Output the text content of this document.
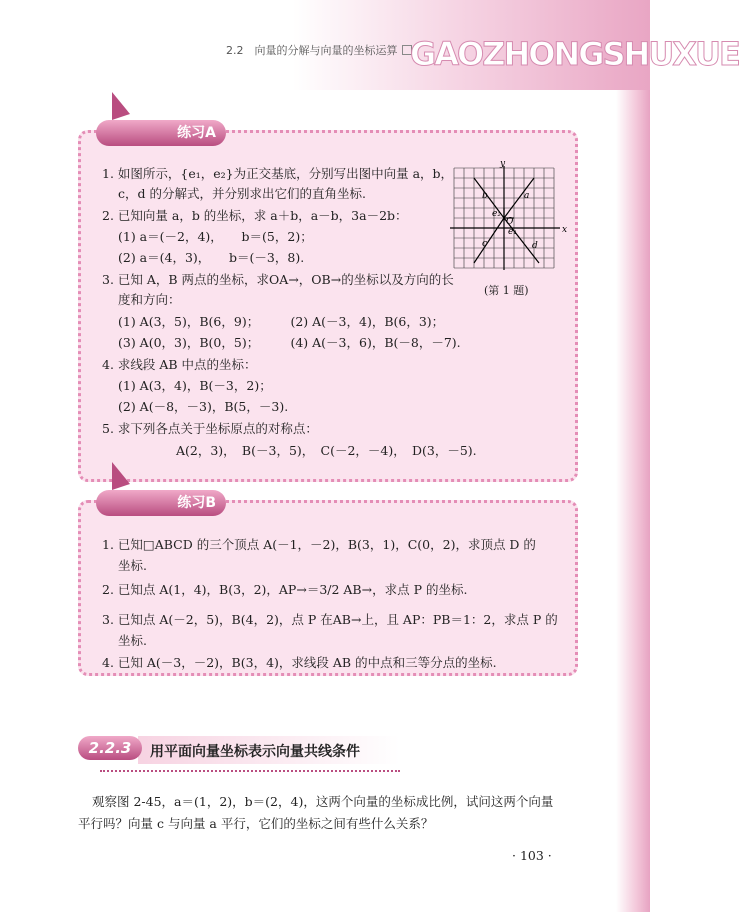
2.2　向量的分解与向量的坐标运算 GAOZHONGSHUXUE
练习A
1. 如图所示，{e₁，e₂}为正交基底，分别写出图中向量 a，b，
c，d 的分解式，并分别求出它们的直角坐标.
2. 已知向量 a，b 的坐标，求 a＋b，a－b，3a－2b：
(1) a＝(－2，4)，　　b＝(5，2)；
(2) a＝(4，3)，　　b＝(－3，8).
3. 已知 A，B 两点的坐标，求OA→，OB→的坐标以及方向的长
度和方向：
(1) A(3，5)，B(6，9)；　　　(2) A(－3，4)，B(6，3)；
(3) A(0，3)，B(0，5)；　　　(4) A(－3，6)，B(－8，－7).
4. 求线段 AB 中点的坐标：
(1) A(3，4)，B(－3，2)；
(2) A(－8，－3)，B(5，－3).
5. 求下列各点关于坐标原点的对称点：
A(2，3)，　B(－3，5)，　C(－2，－4)，　D(3，－5).
y
x
a
b
c	d
e₂
e₁
O
(第 1 题)
练习B
1. 已知□ABCD 的三个顶点 A(－1，－2)，B(3，1)，C(0，2)，求顶点 D 的
坐标.
2. 已知点 A(1，4)，B(3，2)，AP→＝3/2 AB→，求点 P 的坐标.
3. 已知点 A(－2，5)，B(4，2)，点 P 在AB→上，且 AP：PB＝1：2，求点 P 的
坐标.
4. 已知 A(－3，－2)，B(3，4)，求线段 AB 的中点和三等分点的坐标.
2.2.3	用平面向量坐标表示向量共线条件
观察图 2-45，a＝(1，2)，b＝(2，4)，这两个向量的坐标成比例，试问这两个向量
平行吗？向量 c 与向量 a 平行，它们的坐标之间有些什么关系？
· 103 ·
